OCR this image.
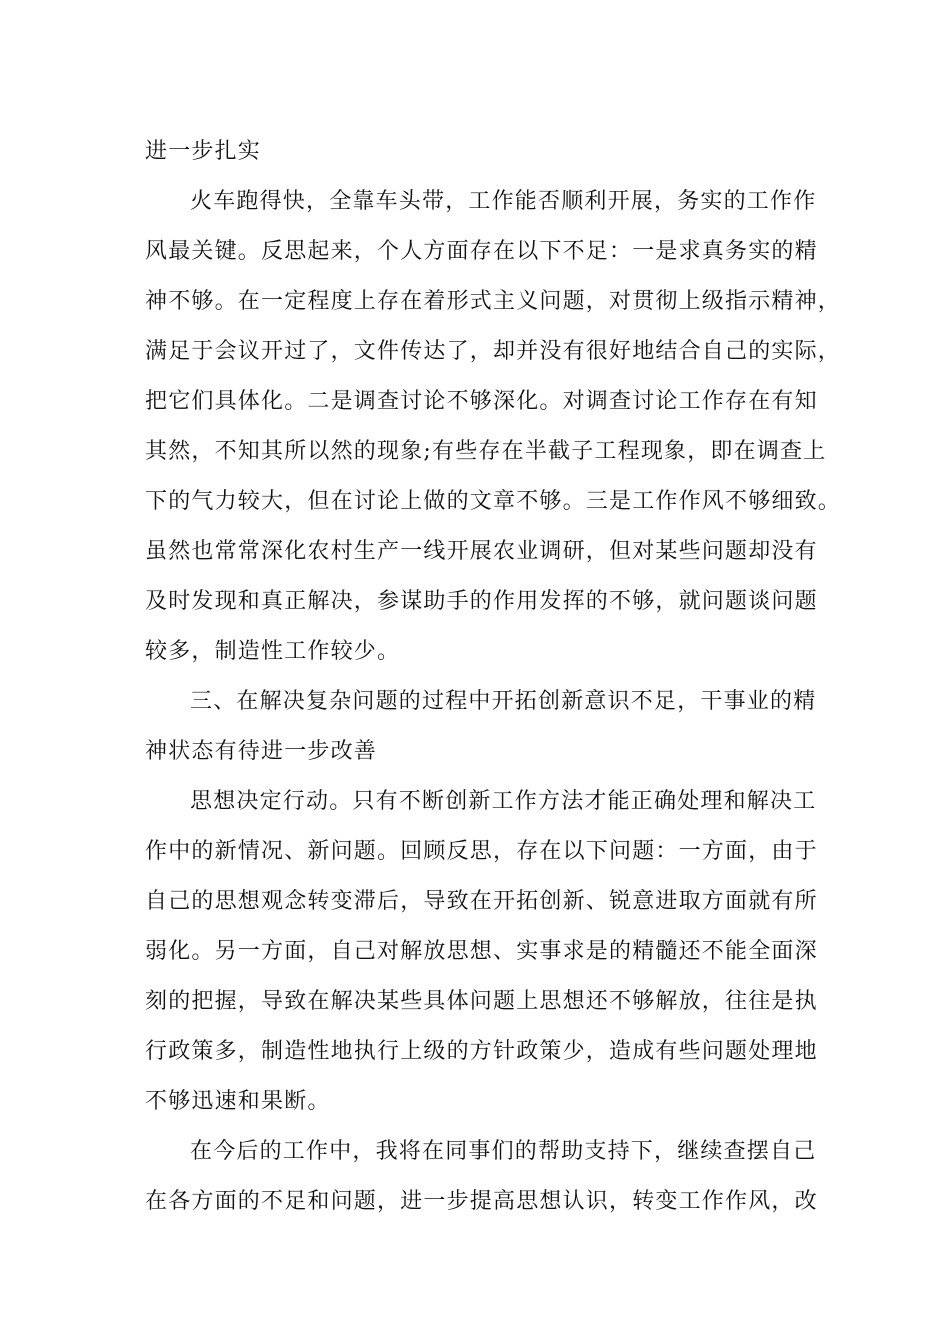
进一步扎实
火车跑得快，全靠车头带，工作能否顺利开展，务实的工作作
风最关键。反思起来，个人方面存在以下不足：一是求真务实的精
神不够。在一定程度上存在着形式主义问题，对贯彻上级指示精神，
满足于会议开过了，文件传达了，却并没有很好地结合自己的实际，
把它们具体化。二是调查讨论不够深化。对调查讨论工作存在有知
其然，不知其所以然的现象;有些存在半截子工程现象，即在调查上
下的气力较大，但在讨论上做的文章不够。三是工作作风不够细致。
虽然也常常深化农村生产一线开展农业调研，但对某些问题却没有
及时发现和真正解决，参谋助手的作用发挥的不够，就问题谈问题
较多，制造性工作较少。
三、在解决复杂问题的过程中开拓创新意识不足，干事业的精
神状态有待进一步改善
思想决定行动。只有不断创新工作方法才能正确处理和解决工
作中的新情况、新问题。回顾反思，存在以下问题：一方面，由于
自己的思想观念转变滞后，导致在开拓创新、锐意进取方面就有所
弱化。另一方面，自己对解放思想、实事求是的精髓还不能全面深
刻的把握，导致在解决某些具体问题上思想还不够解放，往往是执
行政策多，制造性地执行上级的方针政策少，造成有些问题处理地
不够迅速和果断。
在今后的工作中，我将在同事们的帮助支持下，继续查摆自己
在各方面的不足和问题，进一步提高思想认识，转变工作作风，改
